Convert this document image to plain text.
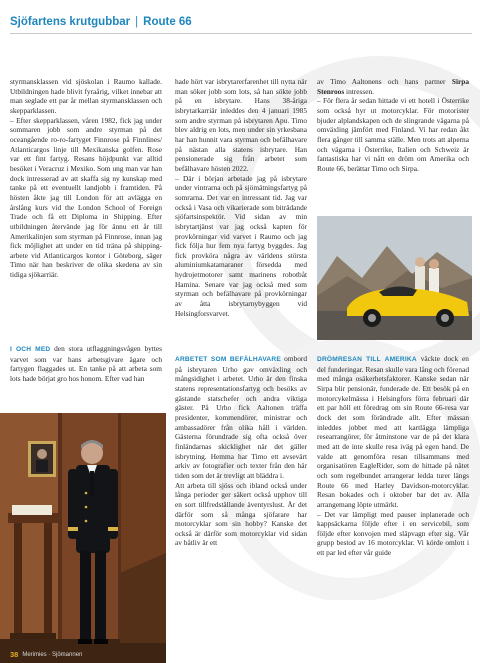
Sjöfartens krutgubbar | Route 66

styrmansklassen vid sjöskolan i Raumo kallade. Utbildningen hade blivit fyraårig, vilket innebar att man seglade ett par år mellan styrmansklassen och skepparklassen.

– Efter skepparklassen, våren 1982, fick jag under sommaren jobb som andre styrman på det oceangående ro-ro-fartyget Finnrose på Finnlines/ Atlanticargos linje till Mexikanska golfen. Rose var ett fint fartyg. Resans höjdpunkt var alltid besöket i Veracruz i Mexiko. Som ung man var han dock intresserad av att skaffa sig ny kunskap med tanke på ett eventuellt landjobb i framtiden. På hösten åkte jag till London för att avlägga en årslång kurs vid the London School of Foreign Trade och få ett Diploma in Shipping. Efter utbildningen återvände jag för ännu ett år till Amerikalinjen som styrman på Finnrose, innan jag fick möjlighet att under en tid träna på shipping-arbete vid Atlanticargos kontor i Göteborg, säger Timo när han beskriver de olika skedena av sin tidiga sjökarriär.

I OCH MED den stora utflaggningsvågen byttes varvet som var hans arbetsgivare ägare och fartygen flaggades ut. En tanke på att arbeta som lots hade börjat gro hos honom. Efter vad han

hade hört var isbrytarerfarenhet till nytta när man söker jobb som lots, så han sökte jobb på en isbrytare. Hans 38-åriga isbrytarkarriär inleddes den 4 januari 1985 som andre styrman på isbrytaren Apu. Timo blev aldrig en lots, men under sin yrkesbana har han hunnit vara styrman och befälhavare på nästan alla statens isbrytare. Han pensionerade sig från arbetet som befälhavare hösten 2022.

– Där i början arbetade jag på isbrytare under vintrarna och på sjömätningsfartyg på somrarna. Det var en intressant tid. Jag var också i Vasa och vikarierade som biträdande sjöfartsinspektör. Vid sidan av min isbrytartjänst var jag också kapten för provkörningar vid varvet i Raumo och jag fick följa hur fem nya fartyg byggdes. Jag fick provköra några av världens största aluminiumkatamaraner försedda med hydrojetmotorer samt marinens robotbåt Hamina. Senare var jag också med som styrman och befälhavare på provkörningar av åtta isbrytarnybyggen vid Helsingforsvarvet.

ARBETET SOM BEFÄLHAVARE ombord på isbrytaren Urho gav omväxling och mångsidighet i arbetet. Urho är den finska statens representationsfartyg och besöks av gästande statschefer och andra viktiga gäster. På Urho fick Aaltonen träffa presidenter, kommendörer, ministrar och ambassadörer från olika håll i världen. Gästerna förundrade sig ofta också över finländarnas skicklighet när det gäller isbrytning. Hemma har Timo ett avsevärt arkiv av fotografier och texter från den här tiden som det är trevligt att bläddra i.

Att arbeta till sjöss och ibland också under långa perioder ger säkert också upphov till en sort tillfredställande äventyrslust. Är det därför som så många sjöfarare har motorcyklar som sin hobby? Kanske det också är därför som motorcyklar vid sidan av båtliv är ett

av Timo Aaltonens och hans partner Sirpa Stenroos intressen.

– För flera år sedan hittade vi ett hotell i Österrike som också hyr ut motorcyklar. För motorister bjuder alplandskapen och de slingrande vägarna på omväxling jämfört med Finland. Vi har redan åkt flera gånger till samma ställe. Men trots att alperna och vägarna i Österrike, Italien och Schweiz är fantastiska har vi nått en dröm om Amerika och Route 66, berättar Timo och Sirpa.

DRÖMRESAN TILL AMERIKA väckte dock en del funderingar. Resan skulle vara lång och förenad med många osäkerhetsfaktorer. Kanske sedan när Sirpa blir pensionär, funderade de. Ett besök på en motorcykelmässa i Helsingfors förra februari där ett par höll ett föredrag om sin Route 66-resa var dock det som förändrade allt. Efter mässan inleddes jobbet med att kartlägga lämpliga researrangörer, för åtminstone var de på det klara med att de inte skulle resa iväg på egen hand. De valde att genomföra resan tillsammans med organisatören EagleRider, som de hittade på nätet och som regelbundet arrangerar ledda turer längs Route 66 med Harley Davidson-motorcyklar. Resan bokades och i oktober bar det av. Alla arrangemang löpte utmärkt.

– Det var lämpligt med pauser inplanerade och kappsäckarna följde efter i en servicebil, som följde efter konvojen med släpvagn efter sig. Vår grupp bestod av 16 motorcyklar. Vi körde omlott i ett par led efter vår guide

38 Merimies · Sjömannen
